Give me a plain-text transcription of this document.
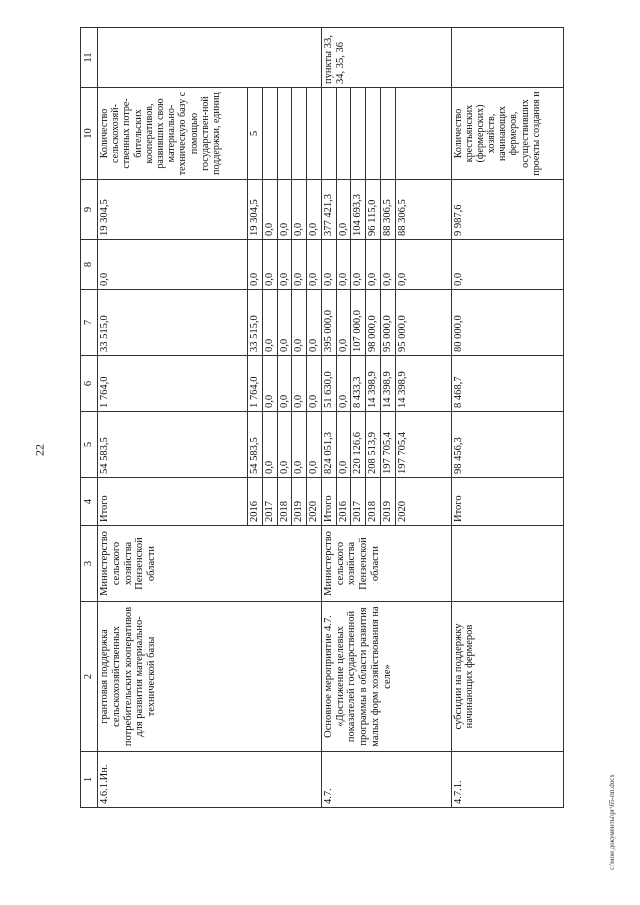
22
c:\мои документы\рг\65-пп.docx
1	2	3	4	5	6	7	8	9	10	11
4.6.1.Ин.	грантовая поддержка сельскохозяйственных потребительских кооперативов для развития материально-технической базы	Министерство сельского хозяйства Пензенской области	Итого	54 583,5	1 764,0	33 515,0	0,0	19 304,5	Количество сельскохозяй-ственных потре-бительских кооперативов, развивших свою материально-техническую базу с помощью государствен-ной поддержки, единиц	
			2016	54 583,5	1 764,0	33 515,0	0,0	19 304,5	5	
			2017	0,0	0,0	0,0	0,0	0,0		
			2018	0,0	0,0	0,0	0,0	0,0		
			2019	0,0	0,0	0,0	0,0	0,0		
			2020	0,0	0,0	0,0	0,0	0,0		
4.7.	Основное мероприятие 4.7. «Достижение целевых показателей государственной программы в области развития малых форм хозяйствования на селе»	Министерство сельского хозяйства Пензенской области	Итого	824 051,3	51 630,0	395 000,0	0,0	377 421,3		пункты 33, 34, 35, 36
			2016	0,0	0,0	0,0	0,0	0,0		
			2017	220 126,6	8 433,3	107 000,0	0,0	104 693,3		
			2018	208 513,9	14 398,9	98 000,0	0,0	96 115,0		
			2019	197 705,4	14 398,9	95 000,0	0,0	88 306,5		
			2020	197 705,4	14 398,9	95 000,0	0,0	88 306,5		
4.7.1.	субсидии на поддержку начинающих фермеров		Итого	98 456,3	8 468,7	80 000,0	0,0	9 987,6	Количество крестьянских (фермерских) хозяйств, начинающих фермеров, осуществивших проекты создания и	
